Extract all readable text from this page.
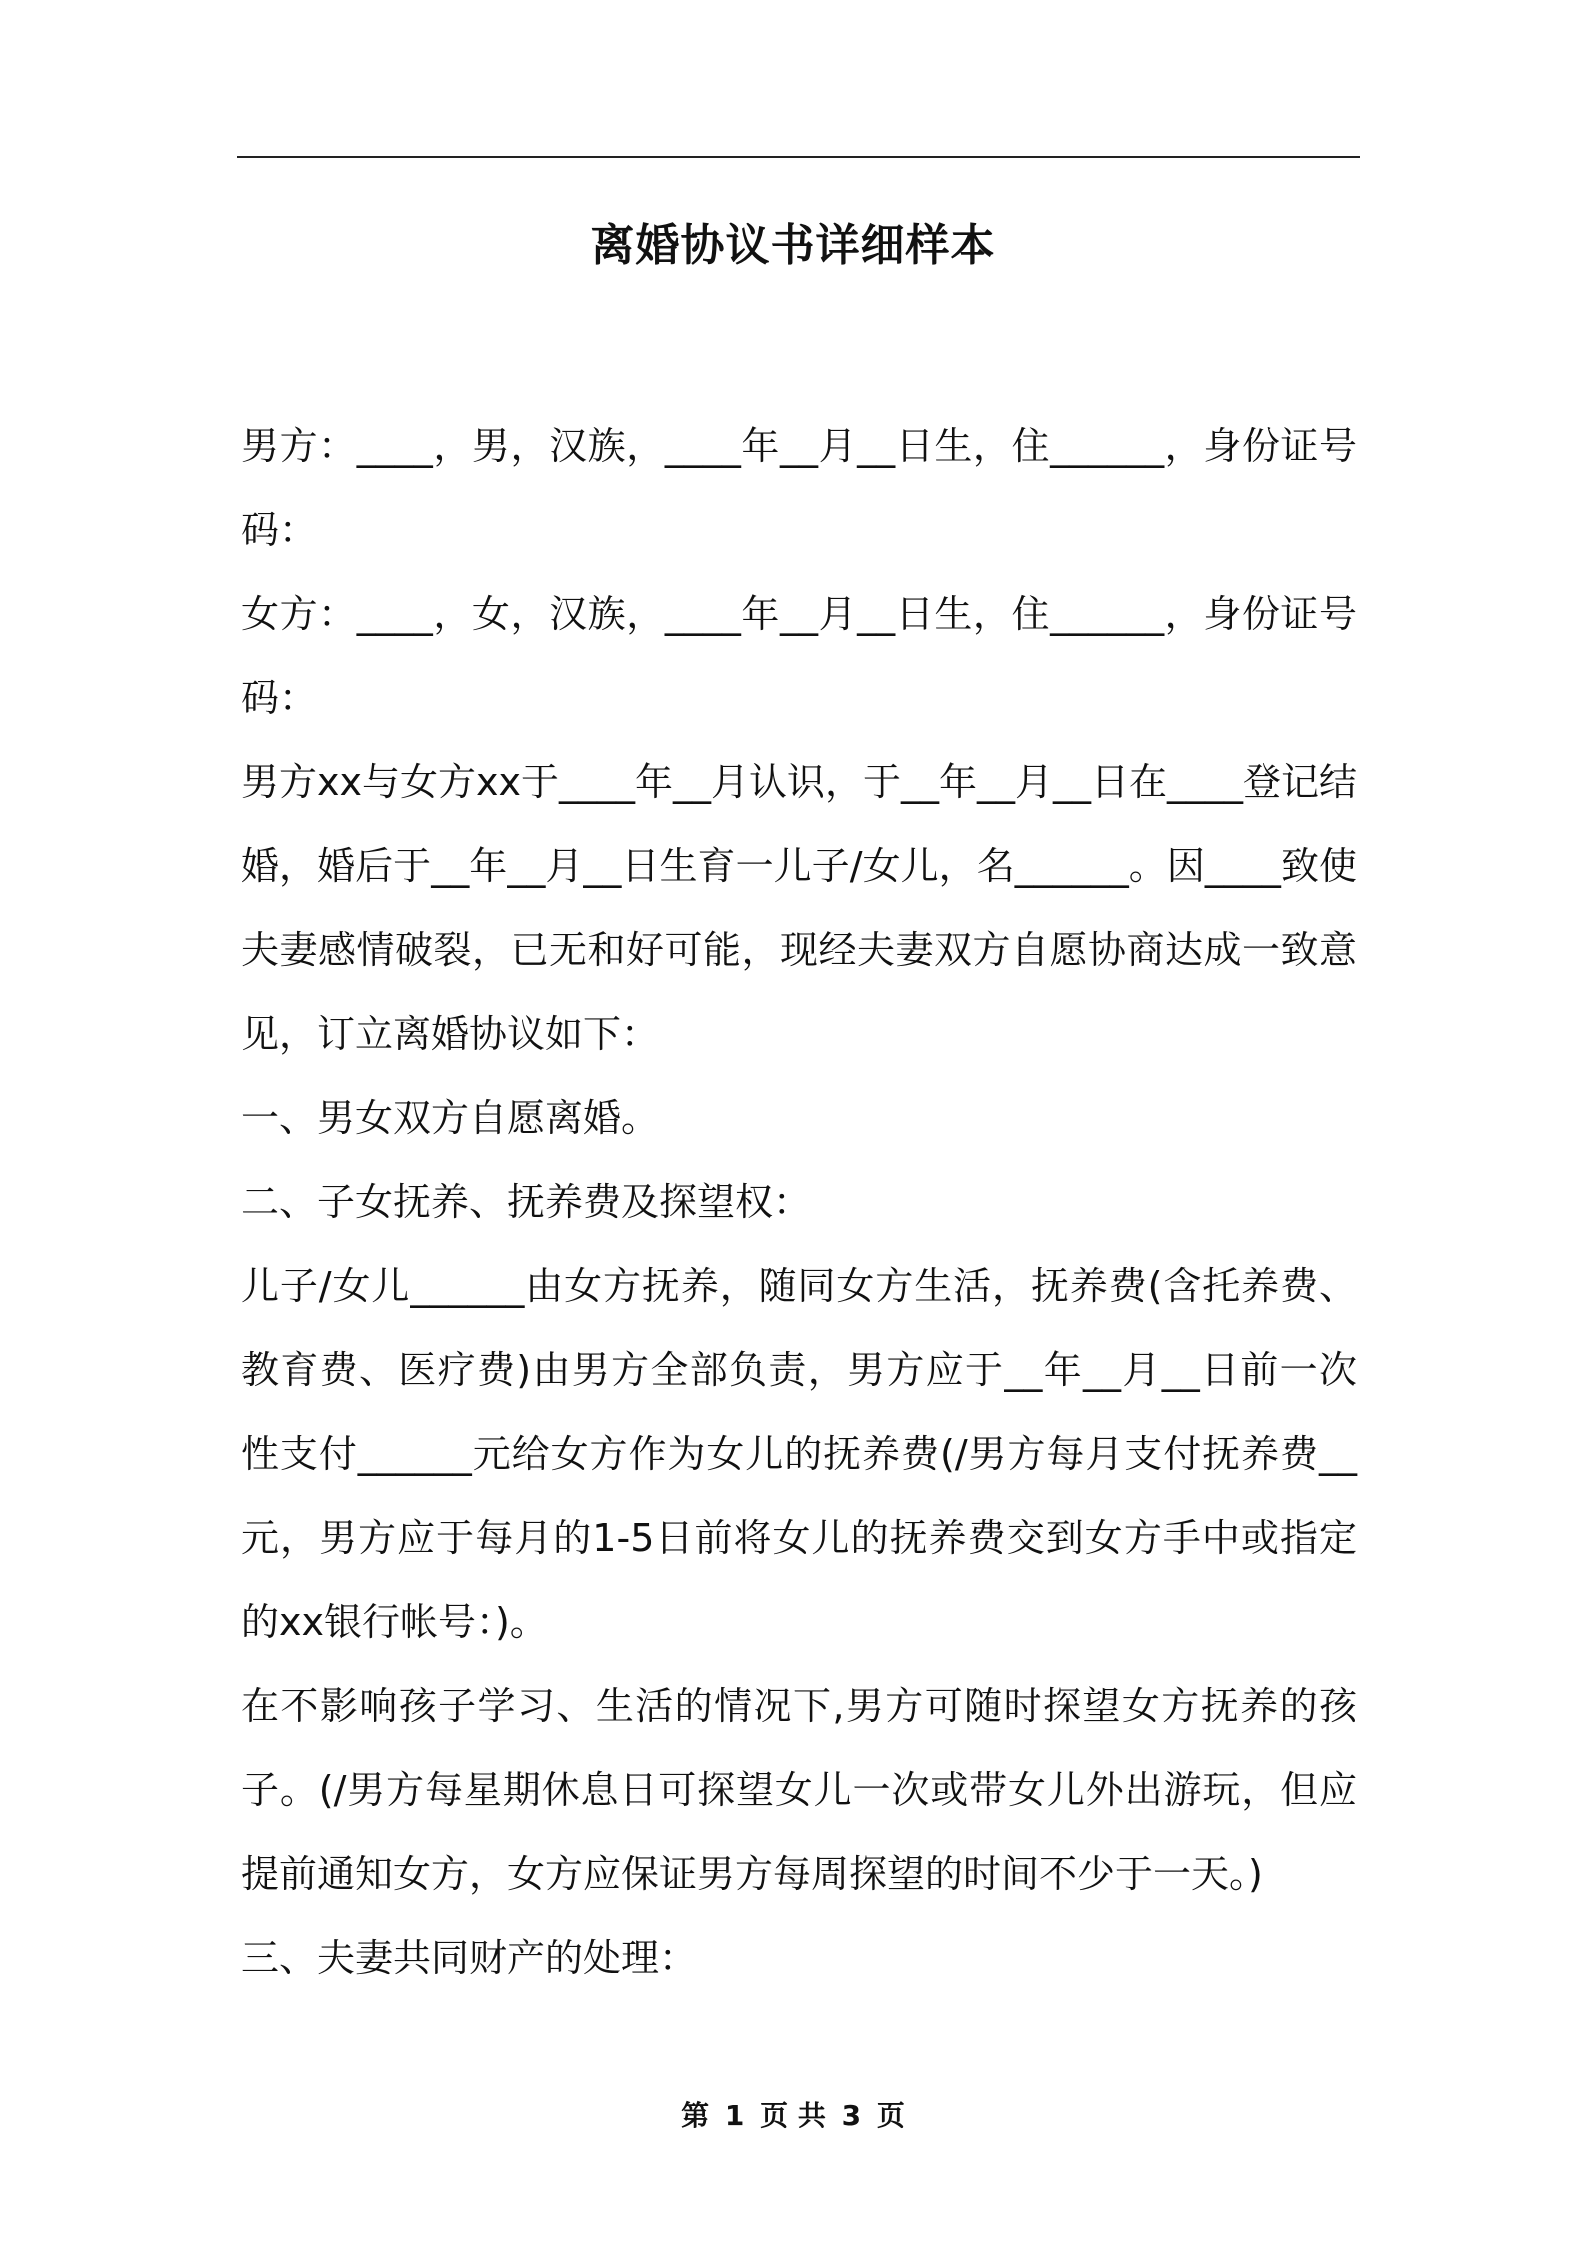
离婚协议书详细样本

男方：____，男，汉族，____年__月__日生，住______，身份证号码：

女方：____，女，汉族，____年__月__日生，住______，身份证号码：

男方xx与女方xx于____年__月认识，于__年__月__日在____登记结婚，婚后于__年__月__日生育一儿子/女儿，名______。因____致使夫妻感情破裂，已无和好可能，现经夫妻双方自愿协商达成一致意见，订立离婚协议如下：

一、男女双方自愿离婚。

二、子女抚养、抚养费及探望权：

儿子/女儿______由女方抚养，随同女方生活，抚养费(含托养费、教育费、医疗费)由男方全部负责，男方应于__年__月__日前一次性支付______元给女方作为女儿的抚养费(/男方每月支付抚养费__元，男方应于每月的1-5日前将女儿的抚养费交到女方手中或指定的xx银行帐号：)。

在不影响孩子学习、生活的情况下,男方可随时探望女方抚养的孩子。(/男方每星期休息日可探望女儿一次或带女儿外出游玩，但应提前通知女方，女方应保证男方每周探望的时间不少于一天。)

三、夫妻共同财产的处理：

第 1 页 共 3 页
